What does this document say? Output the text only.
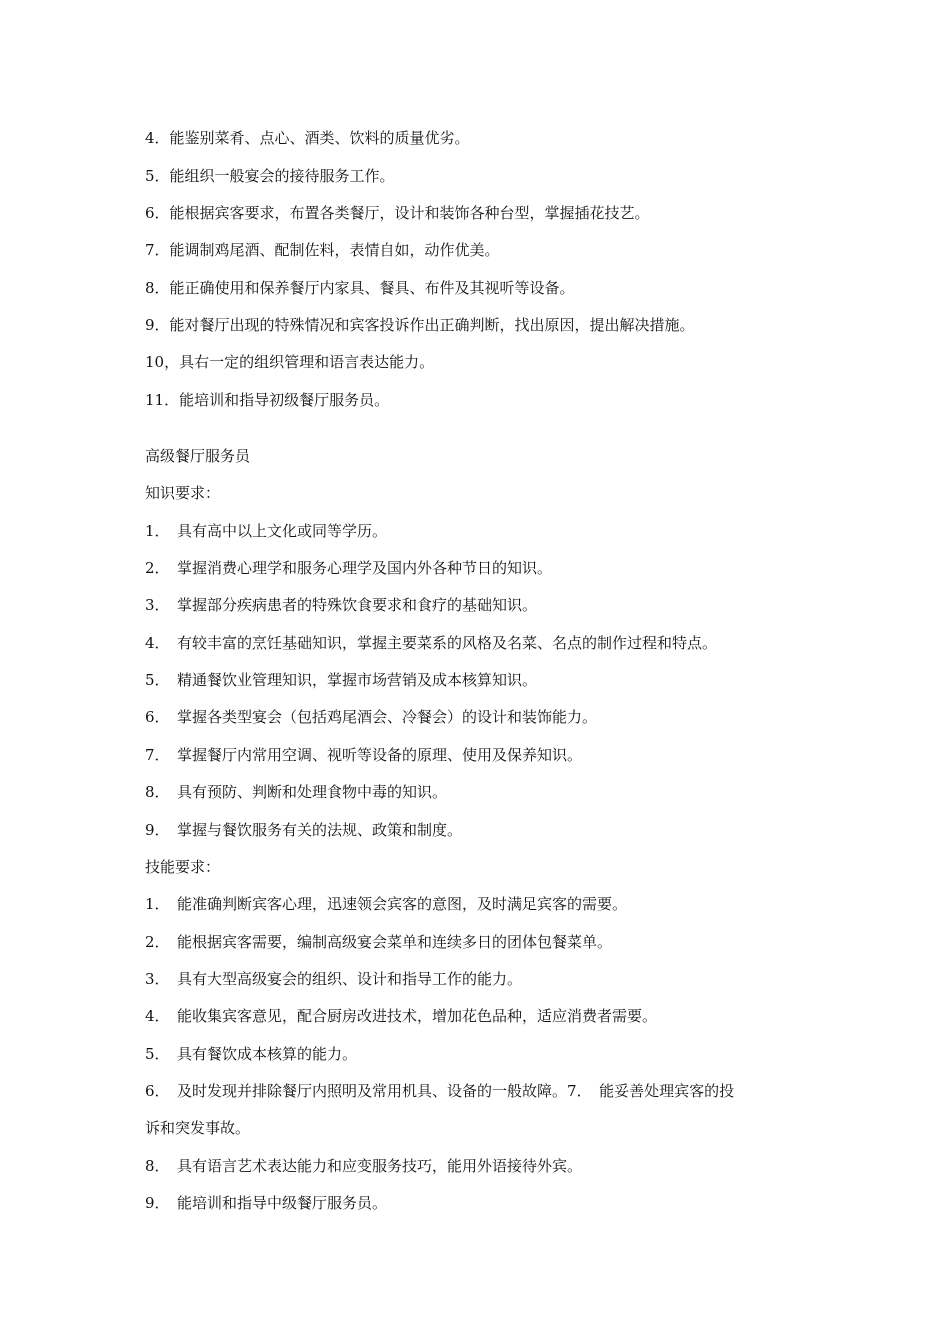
4．能鉴别菜肴、点心、酒类、饮料的质量优劣。
5．能组织一般宴会的接待服务工作。
6．能根据宾客要求，布置各类餐厅，设计和装饰各种台型，掌握插花技艺。
7．能调制鸡尾酒、配制佐料，表情自如，动作优美。
8．能正确使用和保养餐厅内家具、餐具、布件及其视听等设备。
9．能对餐厅出现的特殊情况和宾客投诉作出正确判断，找出原因，提出解决措施。
10，具右一定的组织管理和语言表达能力。
11．能培训和指导初级餐厅服务员。
高级餐厅服务员
知识要求：
1．　具有高中以上文化或同等学历。
2．　掌握消费心理学和服务心理学及国内外各种节日的知识。
3．　掌握部分疾病患者的特殊饮食要求和食疗的基础知识。
4．　有较丰富的烹饪基础知识，掌握主要菜系的风格及名菜、名点的制作过程和特点。
5．　精通餐饮业管理知识，掌握市场营销及成本核算知识。
6．　掌握各类型宴会（包括鸡尾酒会、冷餐会）的设计和装饰能力。
7．　掌握餐厅内常用空调、视听等设备的原理、使用及保养知识。
8．　具有预防、判断和处理食物中毒的知识。
9．　掌握与餐饮服务有关的法规、政策和制度。
技能要求：
1．　能准确判断宾客心理，迅速领会宾客的意图，及时满足宾客的需要。
2．　能根据宾客需要，编制高级宴会菜单和连续多日的团体包餐菜单。
3．　具有大型高级宴会的组织、设计和指导工作的能力。
4．　能收集宾客意见，配合厨房改进技术，增加花色品种，适应消费者需要。
5．　具有餐饮成本核算的能力。
6．　及时发现并排除餐厅内照明及常用机具、设备的一般故障。7．　能妥善处理宾客的投
诉和突发事故。
8．　具有语言艺术表达能力和应变服务技巧，能用外语接待外宾。
9．　能培训和指导中级餐厅服务员。
